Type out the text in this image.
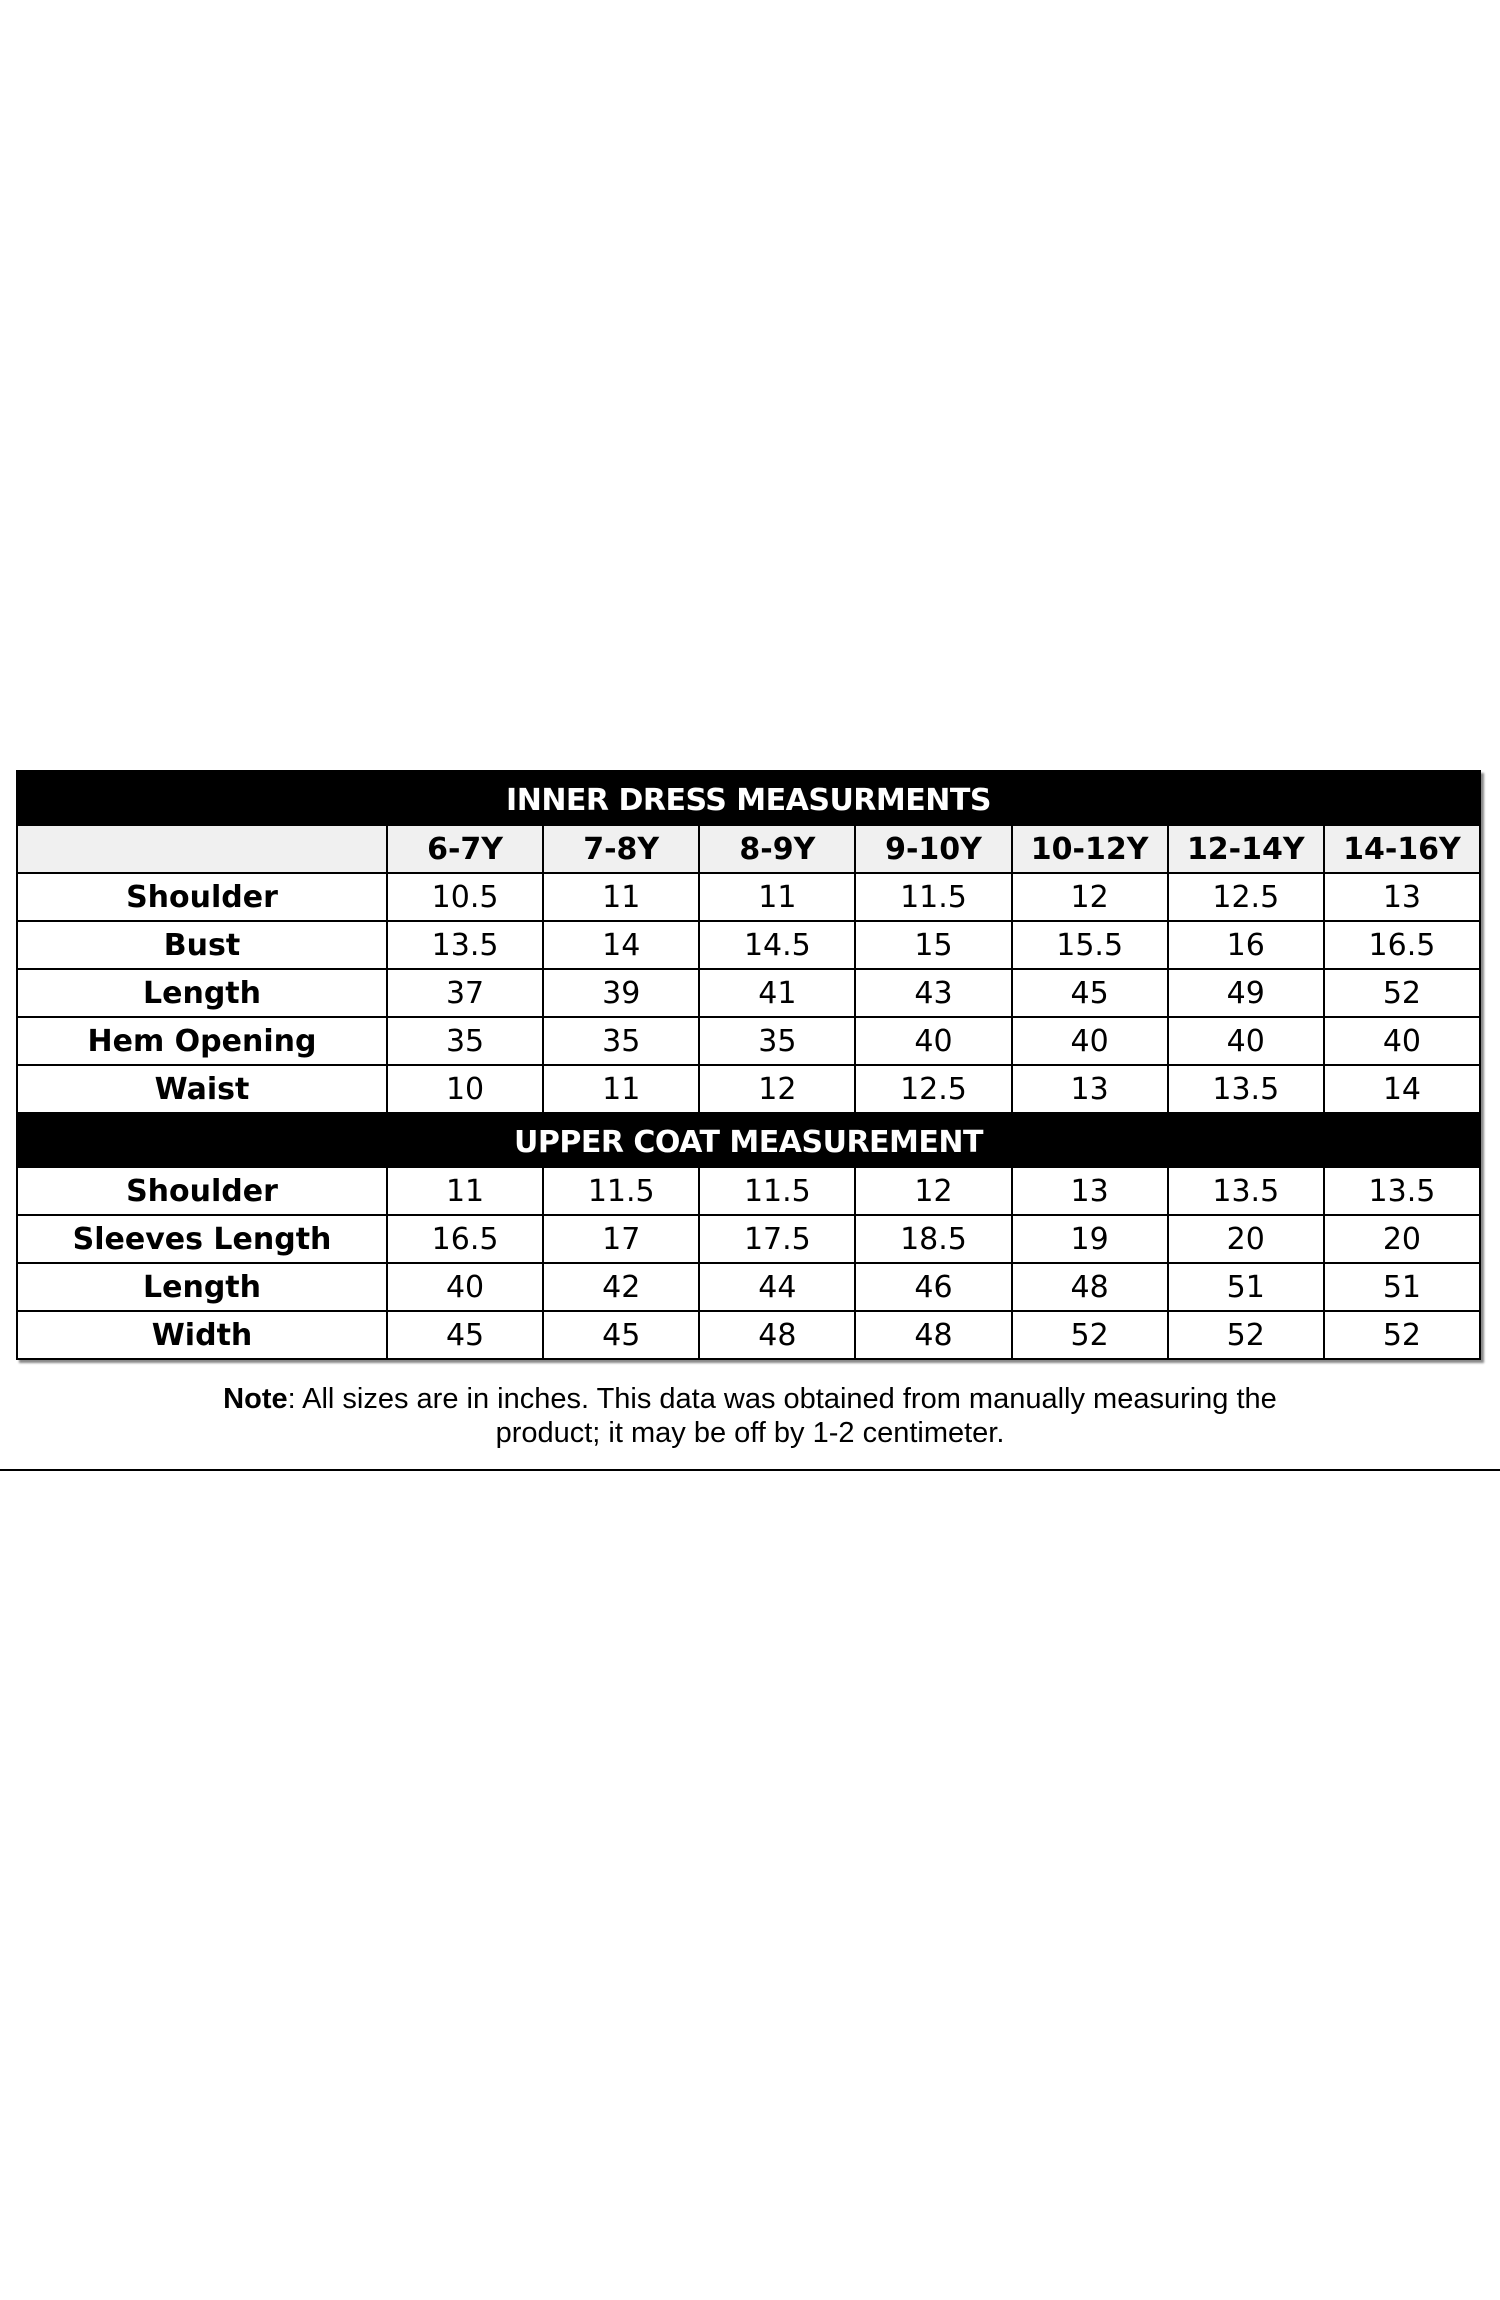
INNER DRESS MEASURMENTS							
	6-7Y	7-8Y	8-9Y	9-10Y	10-12Y	12-14Y	14-16Y
Shoulder	10.5	11	11	11.5	12	12.5	13
Bust	13.5	14	14.5	15	15.5	16	16.5
Length	37	39	41	43	45	49	52
Hem Opening	35	35	35	40	40	40	40
Waist	10	11	12	12.5	13	13.5	14
UPPER COAT MEASUREMENT							
Shoulder	11	11.5	11.5	12	13	13.5	13.5
Sleeves Length	16.5	17	17.5	18.5	19	20	20
Length	40	42	44	46	48	51	51
Width	45	45	48	48	52	52	52
Note: All sizes are in inches. This data was obtained from manually measuring the
product; it may be off by 1-2 centimeter.
